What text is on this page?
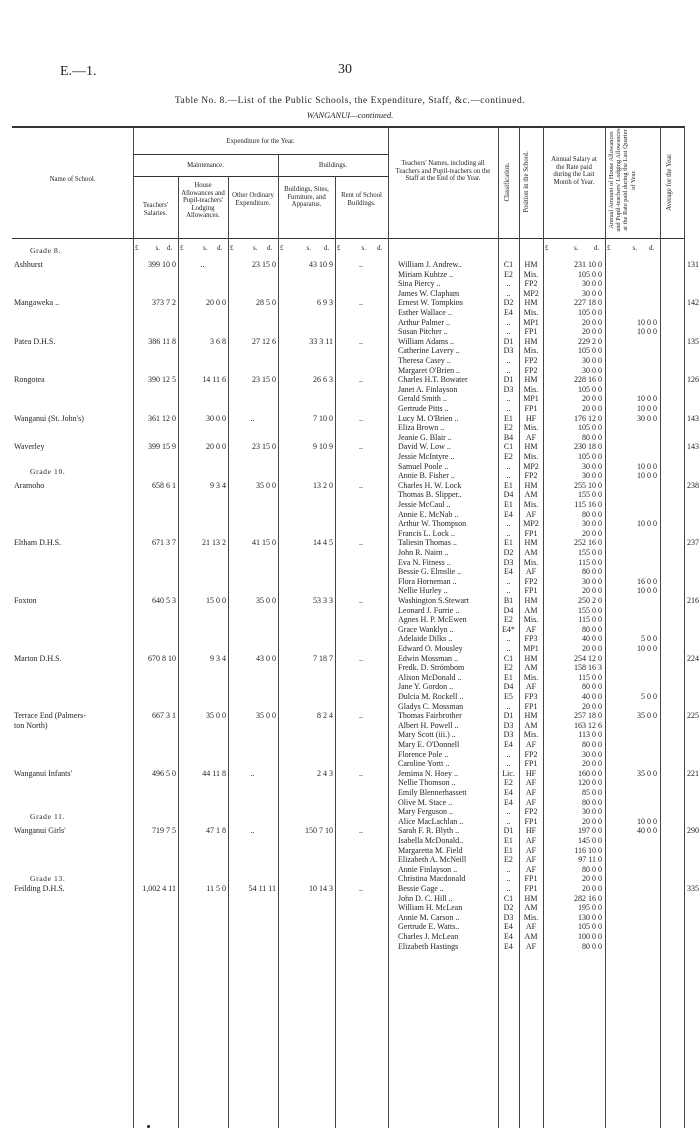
E.—1.	30
Table No. 8.—List of the Public Schools, the Expenditure, Staff, &c.—continued.
WANGANUI—continued.
Name of School.
Expenditure for the Year.
Maintenance.	Buildings.
Teachers' Salaries.
House Allowances and Pupil-teachers' Lodging Allowances.
Other Ordinary Expenditure.
Buildings, Sites, Furniture, and Apparatus.
Rent of School Buildings.
Teachers' Names, including all Teachers and Pupil-teachers on the Staff at the End of the Year.
Annual Salary at the Rate paid during the Last Month of Year.
Classification. Position in the School.	Average for the Year.
Annual Amount of House Allowances and Pupil-teachers' Lodging Allowances at the Rate paid during the Last Quarter of Year.
£ s. d. £	s. d. £	s. d. £	s. d. £	s. d.	£	s. d. £	s. d.
Grade 8.
Ashhurst	399 10 0	..	23 15 0	43 10 9	..	131
William J. Andrew..	C1	HM	231 10 0
Miriam Kuhtze ..	E2	Mis.	105 0 0
Sina Piercy ..	..	FP2	30 0 0
James W. Clapham	..	MP2	30 0 0
Mangaweka ..	373 7 2	20 0 0	28 5 0	6 9 3	..	142
Ernest W. Tompkins	D2	HM	227 18 0
Esther Wallace ..	E4	Mis.	105 0 0
Arthur Palmer ..	..	MP1	20 0 0	10 0 0
Susan Pitcher ..	..	FP1	20 0 0	10 0 0
Patea D.H.S.	386 11 8	3 6 8	27 12 6	33 3 11	..	135
William Adams ..	D1	HM	229 2 0
Catherine Lavery ..	D3	Mis.	105 0 0
Theresa Casey ..	..	FP2	30 0 0
Margaret O'Brien ..	..	FP2	30 0 0
Rongotea	390 12 5	14 11 6	23 15 0	26 6 3	..	126
Charles H.T. Bowater	D1	HM	228 16 0
Janet A. Finlayson	D3	Mis.	105 0 0
Gerald Smith ..	..	MP1	20 0 0	10 0 0
Gertrude Pitts ..	..	FP1	20 0 0	10 0 0
Wanganui (St. John's)	361 12 0	30 0 0	..	7 10 0	..	143
Lucy M. O'Brien ..	E1	HF	176 12 0	30 0 0
Eliza Brown ..	E2	Mis.	105 0 0
Jeanie G. Blair ..	B4	AF	80 0 0
Waverley	399 15 9	20 0 0	23 15 0	9 10 9	..	143
David W. Low ..	C1	HM	230 18 0
Jessie McIntyre ..	E2	Mis.	105 0 0
Samuel Poole ..	..	MP2	30 0 0	10 0 0
Annie B. Fisher ..	..	FP2	30 0 0	10 0 0
Grade 10.
Aramoho	658 6 1	9 3 4	35 0 0	13 2 0	..	238
Charles H. W. Lock	E1	HM	255 10 0
Thomas B. Slipper..	D4	AM	155 0 0
Jessie McCaul ..	E1	Mis.	115 16 0
Annie E. McNab ..	E4	AF	80 0 0
Arthur W. Thompson	..	MP2	30 0 0	10 0 0
Francis L. Lock ..	..	FP1	20 0 0
Eltham D.H.S.	671 3 7	21 13 2	41 15 0	14 4 5	..	237
Taliesin Thomas ..	E1	HM	252 16 0
John R. Nairn ..	D2	AM	155 0 0
Eva N. Fitness ..	D3	Mis.	115 0 0
Bessie G. Elmslie ..	E4	AF	80 0 0
Flora Horneman ..	..	FP2	30 0 0	16 0 0
Nellie Hurley ..	..	FP1	20 0 0	10 0 0
Foxton	640 5 3	15 0 0	35 0 0	53 3 3	..	216
Washington S.Stewart	B1	HM	250 2 0
Leonard J. Furrie ..	D4	AM	155 0 0
Agnes H. P. McEwen	E2	Mis.	115 0 0
Grace Wanklyn ..	E4*	AF	80 0 0
Adelaide Dilks ..	..	FP3	40 0 0	5 0 0
Edward O. Mousley	..	MP1	20 0 0	10 0 0
Marton D.H.S.	670 8 10	9 3 4	43 0 0	7 18 7	..	224
Edwin Mossman ..	C1	HM	254 12 0
Fredk. D. Strömbom	E2	AM	158 16 3
Alison McDonald ..	E1	Mis.	115 0 0
Jane Y. Gordon ..	D4	AF	80 0 0
Dulcia M. Rockell ..	E5	FP3	40 0 0	5 0 0
Gladys C. Mossman	..	FP1	20 0 0
Terrace End (Palmers-
ton North)
667 3 1	35 0 0	35 0 0	8 2 4	..	225
Thomas Fairbrother	D1	HM	257 18 0	35 0 0
Albert H. Powell ..	D3	AM	163 12 6
Mary Scott (iii.) ..	D3	Mis.	113 0 0
Mary E. O'Donnell	E4	AF	80 0 0
Florence Pole ..	..	FP2	30 0 0
Caroline Yortt ..	..	FP1	20 0 0
Wanganui Infants'	496 5 0	44 11 8	..	2 4 3	..	221
Jemima N. Hoey ..	Lic.	HF	160 0 0	35 0 0
Nellie Thomson ..	E2	AF	120 0 0
Emily Blennerhassett	E4	AF	85 0 0
Olive M. Stace ..	E4	AF	80 0 0
Mary Ferguson ..	..	FP2	30 0 0
Alice MacLachlan ..	..	FP1	20 0 0	10 0 0
Grade 11.
Wanganui Girls'	719 7 5	47 1 8	..	150 7 10	..	290
Sarah F. R. Blyth ..	D1	HF	197 0 0	40 0 0
Isabella McDonald..	E1	AF	145 0 0
Margaretta M. Field	E1	AF	116 10 0
Elizabeth A. McNeill	E2	AF	97 11 0
Annie Finlayson ..	..	AF	80 0 0
Christina Macdonald	..	FP1	20 0 0
Feilding D.H.S.	1,002 4 11	11 5 0	54 11 11	10 14 3	..	335
Grade 13.
Bessie Gage ..	..	FP1	20 0 0
John D. C. Hill ..	C1	HM	282 16 0
William H. McLean	D2	AM	195 0 0
Annie M. Carson ..	D3	Mis.	130 0 0
Gertrude E. Watts..	E4	AF	105 0 0
Charles J. McLean	E4	AM	100 0 0
Elizabeth Hastings	E4	AF	80 0 0
